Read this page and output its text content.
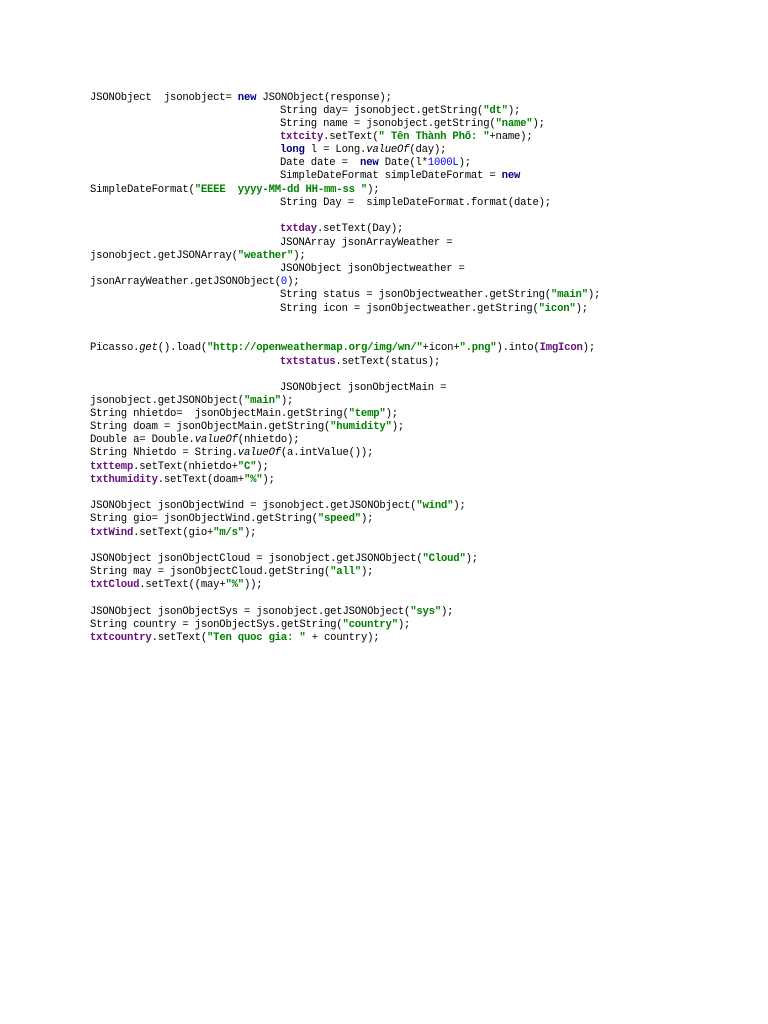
JSONObject  jsonobject= new JSONObject(response);
String day= jsonobject.getString("dt");
String name = jsonobject.getString("name");
txtcity.setText(" Tên Thành Phố: "+name);
long l = Long.valueOf(day);
Date date =  new Date(l*1000L);
SimpleDateFormat simpleDateFormat = new
SimpleDateFormat("EEEE  yyyy-MM-dd HH-mm-ss ");
String Day =  simpleDateFormat.format(date);
txtday.setText(Day);
JSONArray jsonArrayWeather =
jsonobject.getJSONArray("weather");
JSONObject jsonObjectweather =
jsonArrayWeather.getJSONObject(0);
String status = jsonObjectweather.getString("main");
String icon = jsonObjectweather.getString("icon");
Picasso.get().load("http://openweathermap.org/img/wn/"+icon+".png").into(ImgIcon);
txtstatus.setText(status);
JSONObject jsonObjectMain =
jsonobject.getJSONObject("main");
String nhietdo=  jsonObjectMain.getString("temp");
String doam = jsonObjectMain.getString("humidity");
Double a= Double.valueOf(nhietdo);
String Nhietdo = String.valueOf(a.intValue());
txttemp.setText(nhietdo+"C");
txthumidity.setText(doam+"%");
JSONObject jsonObjectWind = jsonobject.getJSONObject("wind");
String gio= jsonObjectWind.getString("speed");
txtWind.setText(gio+"m/s");
JSONObject jsonObjectCloud = jsonobject.getJSONObject("Cloud");
String may = jsonObjectCloud.getString("all");
txtCloud.setText((may+"%"));
JSONObject jsonObjectSys = jsonobject.getJSONObject("sys");
String country = jsonObjectSys.getString("country");
txtcountry.setText("Ten quoc gia: " + country);
